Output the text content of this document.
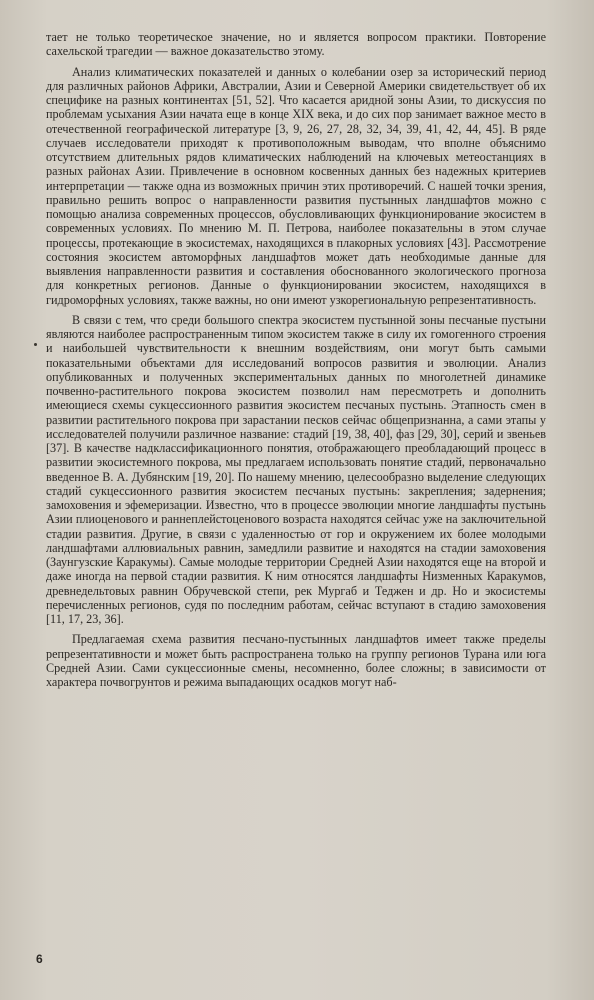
тает не только теоретическое значение, но и является вопросом практики. Повторение сахельской трагедии — важное доказательство этому.

Анализ климатических показателей и данных о колебании озер за исторический период для различных районов Африки, Австралии, Азии и Северной Америки свидетельствует об их специфике на разных континентах [51, 52]. Что касается аридной зоны Азии, то дискуссия по проблемам усыхания Азии начата еще в конце XIX века, и до сих пор занимает важное место в отечественной географической литературе [3, 9, 26, 27, 28, 32, 34, 39, 41, 42, 44, 45]. В ряде случаев исследователи приходят к противоположным выводам, что вполне объяснимо отсутствием длительных рядов климатических наблюдений на ключевых метеостанциях в разных районах Азии. Привлечение в основном косвенных данных без надежных критериев интерпретации — также одна из возможных причин этих противоречий. С нашей точки зрения, правильно решить вопрос о направленности развития пустынных ландшафтов можно с помощью анализа современных процессов, обусловливающих функционирование экосистем в современных условиях. По мнению М. П. Петрова, наиболее показательны в этом случае процессы, протекающие в экосистемах, находящихся в плакорных условиях [43]. Рассмотрение состояния экосистем автоморфных ландшафтов может дать необходимые данные для выявления направленности развития и составления обоснованного экологического прогноза для конкретных регионов. Данные о функционировании экосистем, находящихся в гидроморфных условиях, также важны, но они имеют узкорегиональную репрезентативность.

В связи с тем, что среди большого спектра экосистем пустынной зоны песчаные пустыни являются наиболее распространенным типом экосистем также в силу их гомогенного строения и наибольшей чувствительности к внешним воздействиям, они могут быть самыми показательными объектами для исследований вопросов развития и эволюции. Анализ опубликованных и полученных экспериментальных данных по многолетней динамике почвенно-растительного покрова экосистем позволил нам пересмотреть и дополнить имеющиеся схемы сукцессионного развития экосистем песчаных пустынь. Этапность смен в развитии растительного покрова при зарастании песков сейчас общепризнанна, а сами этапы у исследователей получили различное название: стадий [19, 38, 40], фаз [29, 30], серий и звеньев [37]. В качестве надклассификационного понятия, отображающего преобладающий процесс в развитии экосистемного покрова, мы предлагаем использовать понятие стадий, первоначально введенное В. А. Дубянским [19, 20]. По нашему мнению, целесообразно выделение следующих стадий сукцессионного развития экосистем песчаных пустынь: закрепления; задернения; замоховения и эфемеризации. Известно, что в процессе эволюции многие ландшафты пустынь Азии плиоценового и раннеплейстоценового возраста находятся сейчас уже на заключительной стадии развития. Другие, в связи с удаленностью от гор и окружением их более молодыми ландшафтами аллювиальных равнин, замедлили развитие и находятся на стадии замоховения (Заунгузские Каракумы). Самые молодые территории Средней Азии находятся еще на второй и даже иногда на первой стадии развития. К ним относятся ландшафты Низменных Каракумов, древнедельтовых равнин Обручевской степи, рек Мургаб и Теджен и др. Но и экосистемы перечисленных регионов, судя по последним работам, сейчас вступают в стадию замоховения [11, 17, 23, 36].

Предлагаемая схема развития песчано-пустынных ландшафтов имеет также пределы репрезентативности и может быть распространена только на группу регионов Турана или юга Средней Азии. Сами сукцессионные смены, несомненно, более сложны; в зависимости от характера почвогрунтов и режима выпадающих осадков могут наб-

6
